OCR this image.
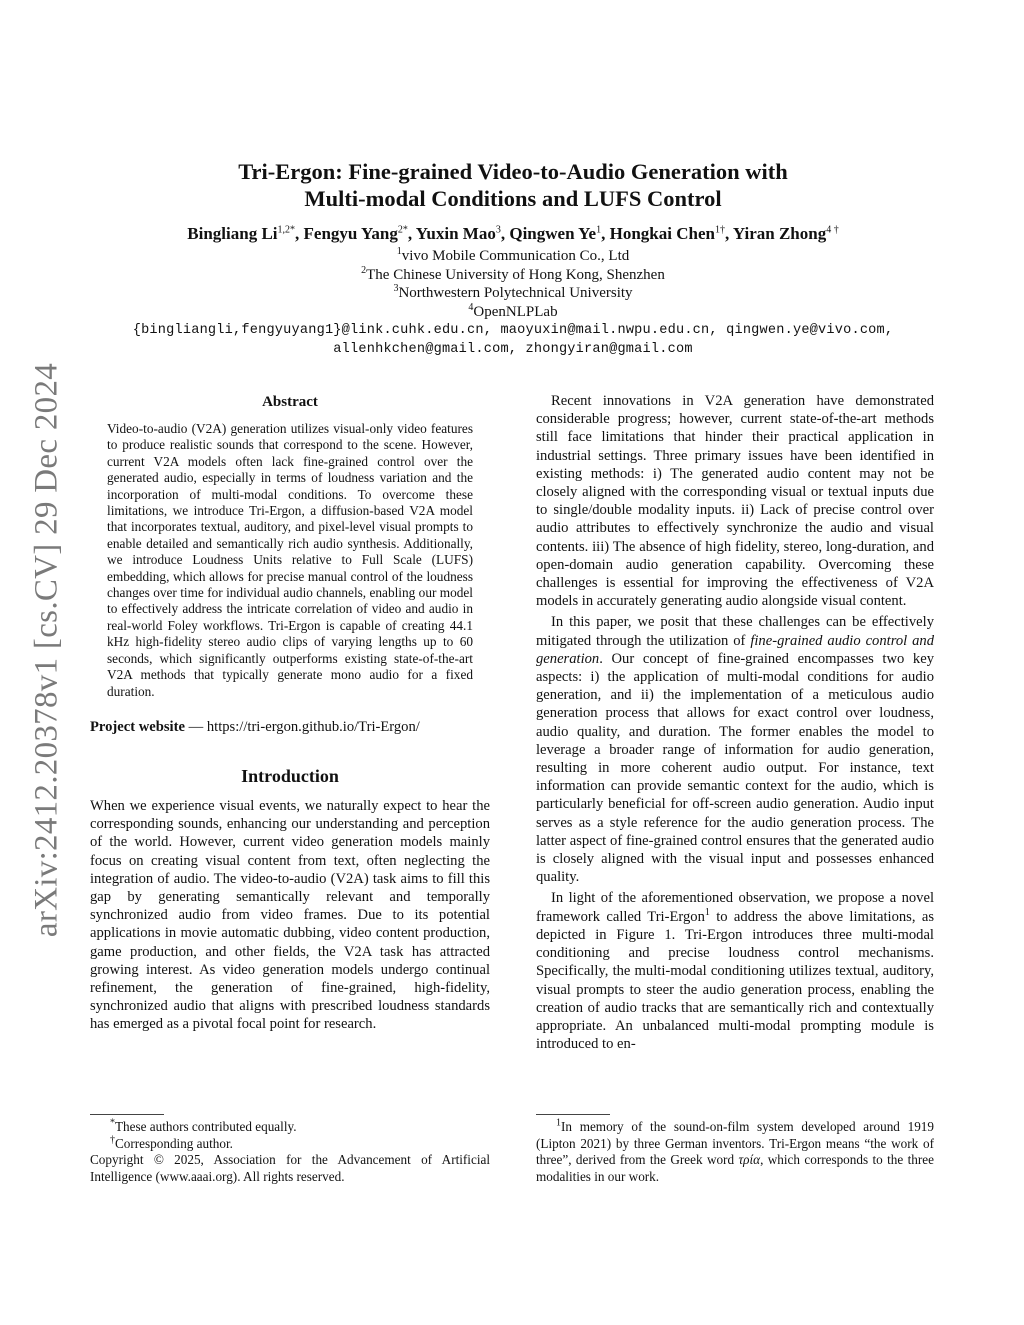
arXiv:2412.20378v1 [cs.CV] 29 Dec 2024
Tri-Ergon: Fine-grained Video-to-Audio Generation with
Multi-modal Conditions and LUFS Control
Bingliang $Li^{1,2*}$, Fengyu Yang$^{2*}$, Yuxin Mao$^3$, Qingwen Ye$^1$, Hongkai Chen$^{1\dagger}$, Yiran Zhong$^{4 \dagger}$
$^1$vivo Mobile Communication Co., Ltd
$^2$The Chinese University of Hong Kong, Shenzhen
$^3$Northwestern Polytechnical University
$^4$OpenNLPLab
{bingliangli,fengyuyang1}@link.cuhk.edu.cn, maoyuxin@mail.nwpu.edu.cn, qingwen.ye@vivo.com,
allenhkchen@gmail.com, zhongyiran@gmail.com
Abstract

Video-to-audio (V2A) generation utilizes visual-only video features to produce realistic sounds that correspond to the scene. However, current V2A models often lack fine-grained control over the generated audio, especially in terms of loudness variation and the incorporation of multi-modal conditions. To overcome these limitations, we introduce Tri-Ergon, a diffusion-based V2A model that incorporates textual, auditory, and pixel-level visual prompts to enable detailed and semantically rich audio synthesis. Additionally, we introduce Loudness Units relative to Full Scale (LUFS) embedding, which allows for precise manual control of the loudness changes over time for individual audio channels, enabling our model to effectively address the intricate correlation of video and audio in real-world Foley workflows. Tri-Ergon is capable of creating 44.1 kHz high-fidelity stereo audio clips of varying lengths up to 60 seconds, which significantly outperforms existing state-of-the-art V2A methods that typically generate mono audio for a fixed duration.

Project website — https://tri-ergon.github.io/Tri-Ergon/
Introduction

When we experience visual events, we naturally expect to hear the corresponding sounds, enhancing our understanding and perception of the world. However, current video generation models mainly focus on creating visual content from text, often neglecting the integration of audio. The video-to-audio (V2A) task aims to fill this gap by generating semantically relevant and temporally synchronized audio from video frames. Due to its potential applications in movie automatic dubbing, video content production, game production, and other fields, the V2A task has attracted growing interest. As video generation models undergo continual refinement, the generation of fine-grained, high-fidelity, synchronized audio that aligns with prescribed loudness standards has emerged as a pivotal focal point for research.

Recent innovations in V2A generation have demonstrated considerable progress; however, current state-of-the-art methods still face limitations that hinder their practical application in industrial settings. Three primary issues have been identified in existing methods: i) The generated audio content may not be closely aligned with the corresponding visual or textual inputs due to single/double modality inputs. ii) Lack of precise control over audio attributes to effectively synchronize the audio and visual contents. iii) The absence of high fidelity, stereo, long-duration, and open-domain audio generation capability. Overcoming these challenges is essential for improving the effectiveness of V2A models in accurately generating audio alongside visual content.

In this paper, we posit that these challenges can be effectively mitigated through the utilization of fine-grained audio control and generation. Our concept of fine-grained encompasses two key aspects: i) the application of multi-modal conditions for audio generation, and ii) the implementation of a meticulous audio generation process that allows for exact control over loudness, audio quality, and duration. The former enables the model to leverage a broader range of information for audio generation, resulting in more coherent audio output. For instance, text information can provide semantic context for the audio, which is particularly beneficial for off-screen audio generation. Audio input serves as a style reference for the audio generation process. The latter aspect of fine-grained control ensures that the generated audio is closely aligned with the visual input and possesses enhanced quality.

In light of the aforementioned observation, we propose a novel framework called Tri-Ergon$^1$ to address the above limitations, as depicted in Figure 1. Tri-Ergon introduces three multi-modal conditioning and precise loudness control mechanisms. Specifically, the multi-modal conditioning utilizes textual, auditory, visual prompts to steer the audio generation process, enabling the creation of audio tracks that are semantically rich and contextually appropriate. An unbalanced multi-modal prompting module is introduced to en-

*These authors contributed equally.

†Corresponding author.

Copyright © 2025, Association for the Advancement of Artificial Intelligence (www.aaai.org). All rights reserved.

$^1$In memory of the sound-on-film system developed around 1919 (Lipton 2021) by three German inventors. Tri-Ergon means “the work of three”, derived from the Greek word τρία, which corresponds to the three modalities in our work.
